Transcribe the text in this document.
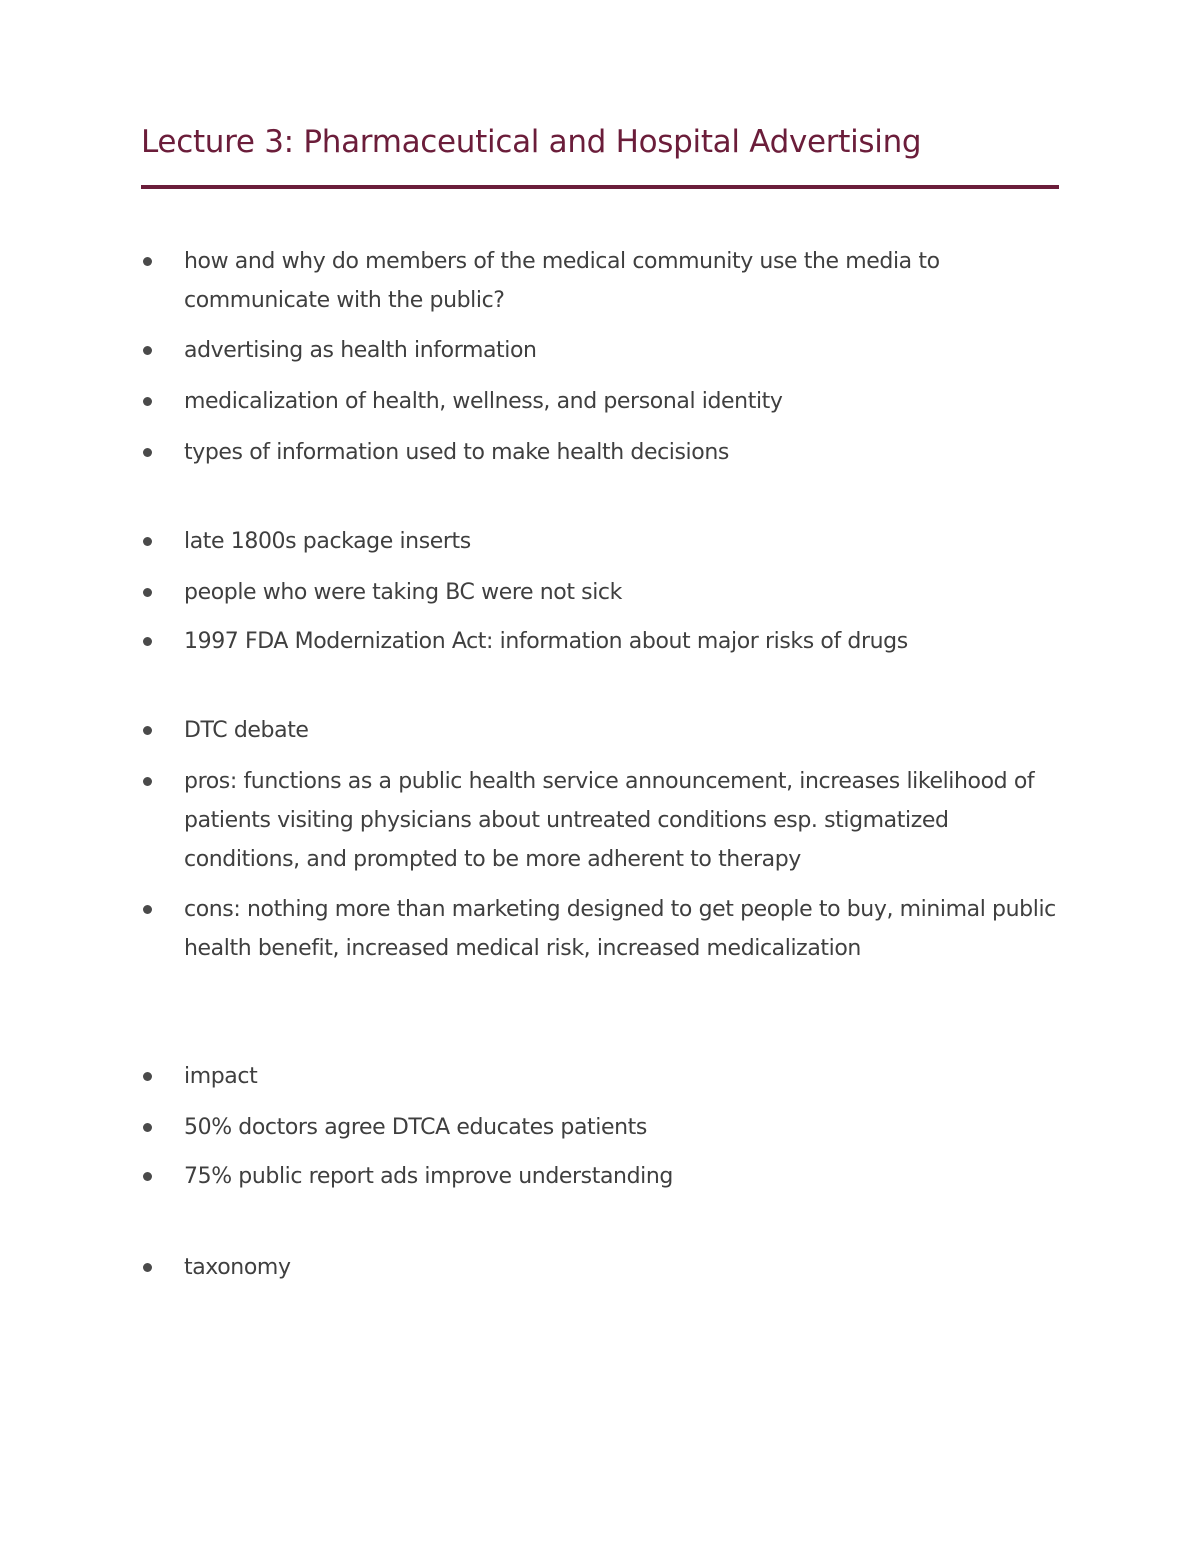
Lecture 3: Pharmaceutical and Hospital Advertising
how and why do members of the medical community use the media to communicate with the public?
advertising as health information
medicalization of health, wellness, and personal identity
types of information used to make health decisions
late 1800s package inserts
people who were taking BC were not sick
1997 FDA Modernization Act: information about major risks of drugs
DTC debate
pros: functions as a public health service announcement, increases likelihood of patients visiting physicians about untreated conditions esp. stigmatized conditions, and prompted to be more adherent to therapy
cons: nothing more than marketing designed to get people to buy, minimal public health benefit, increased medical risk, increased medicalization
impact
50% doctors agree DTCA educates patients
75% public report ads improve understanding
taxonomy
